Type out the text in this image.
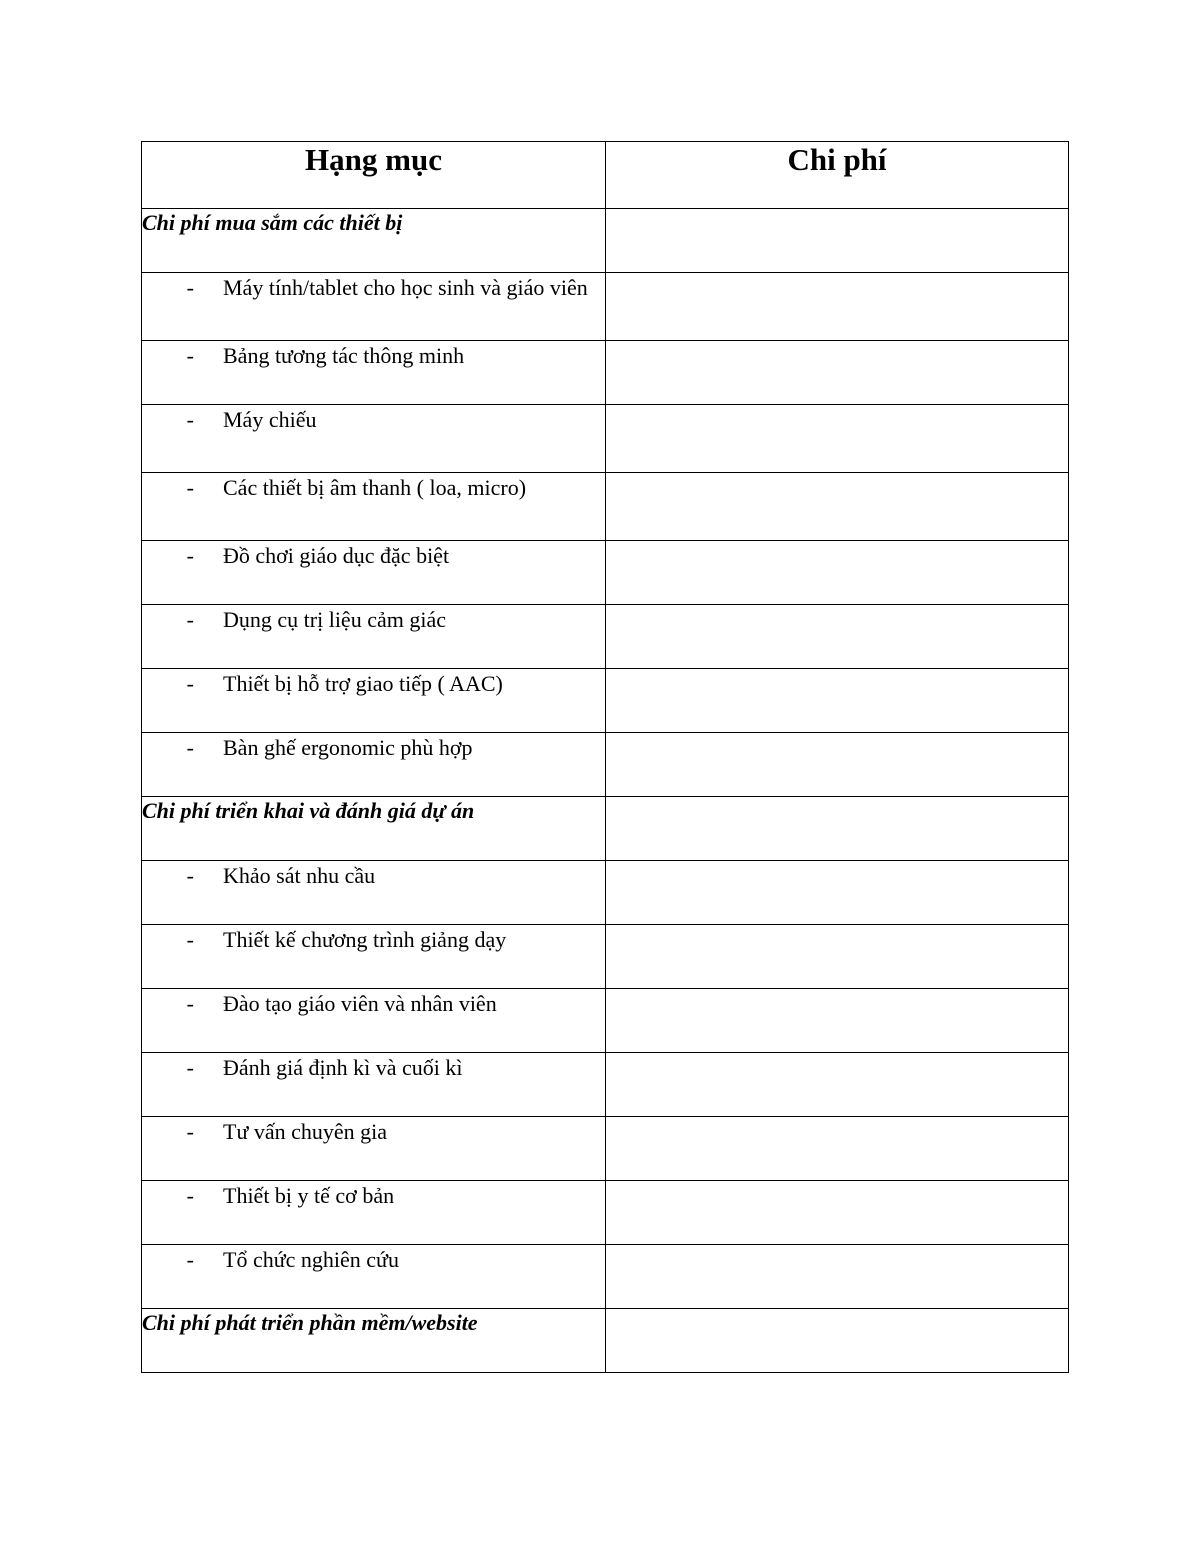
Hạng mục	Chi phí
Chi phí mua sắm các thiết bị	

- Máy tính/tablet cho học sinh và giáo viên	

- Bảng tương tác thông minh	

- Máy chiếu	

- Các thiết bị âm thanh ( loa, micro)	

- Đồ chơi giáo dục đặc biệt	

- Dụng cụ trị liệu cảm giác	

- Thiết bị hỗ trợ giao tiếp ( AAC)	

- Bàn ghế ergonomic phù hợp	

Chi phí triển khai và đánh giá dự án	

- Khảo sát nhu cầu	

- Thiết kế chương trình giảng dạy	

- Đào tạo giáo viên và nhân viên	

- Đánh giá định kì và cuối kì	

- Tư vấn chuyên gia	

- Thiết bị y tế cơ bản	

- Tổ chức nghiên cứu	

Chi phí phát triển phần mềm/website	
